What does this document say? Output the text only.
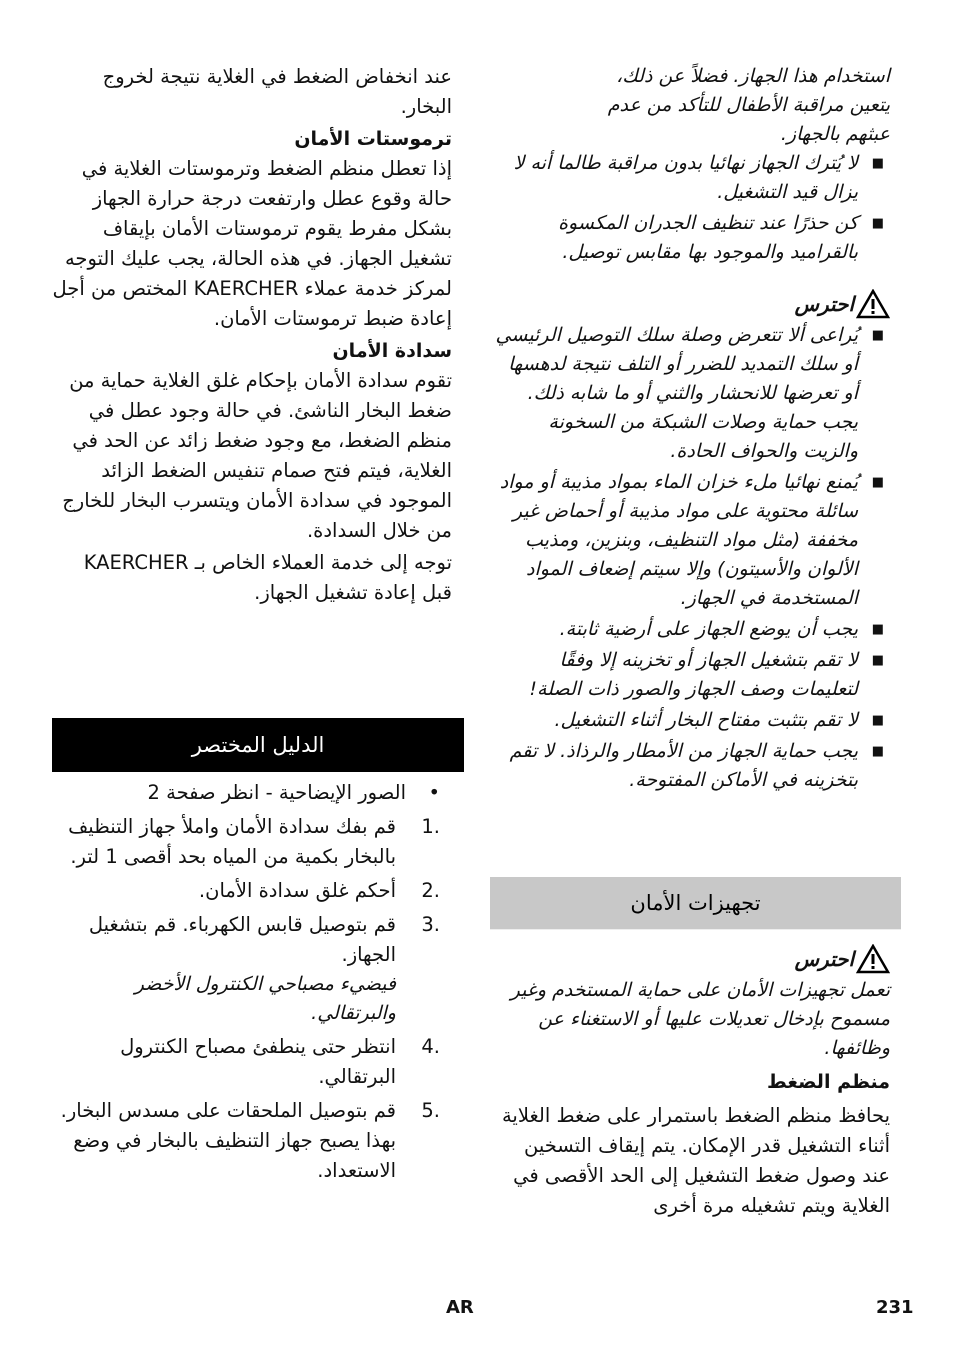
استخدام هذا الجهاز. فضلاً عن ذلك،

يتعين مراقبة الأطفال للتأكد من عدم

عبثهم بالجهاز.

■
لا يُترك الجهاز نهائيا بدون مراقبة طالما أنه لا يزال قيد التشغيل.
■
كن حذرًا عند تنظيف الجدران المكسوة بالقراميد والموجود بها مقابس توصيل.
احترس
■
يُراعى ألا تتعرض وصلة سلك التوصيل الرئيسي أو سلك التمديد للضرر أو التلف نتيجة لدهسها أو تعرضها للانحشار والثني أو ما شابه ذلك. يجب حماية وصلات الشبكة من السخونة والزيت والحواف الحادة.
■
يُمنع نهائيا ملء خزان الماء بمواد مذيبة أو مواد سائلة محتوية على مواد مذيبة أو أحماض غير مخففة (مثل مواد التنظيف، وبنزين، ومذيب الألوان والأسيتون) وإلا سيتم إضعاف المواد المستخدمة في الجهاز.
■
يجب أن يوضع الجهاز على أرضية ثابتة.
■
لا تقم بتشغيل الجهاز أو تخزينه إلا وفقًا لتعليمات وصف الجهاز والصور ذات الصلة!
■
لا تقم بتثبت مفتاح البخار أثناء التشغيل.
■
يجب حماية الجهاز من الأمطار والرذاذ. لا تقم بتخزينه في الأماكن المفتوحة.
تجهيزات الأمان
احترس

تعمل تجهيزات الأمان على حماية المستخدم وغير مسموح بإدخال تعديلات عليها أو الاستغناء عن وظائفها.

منظم الضغط

يحافظ منظم الضغط باستمرار على ضغط الغلاية أثناء التشغيل قدر الإمكان. يتم إيقاف التسخين عند وصول ضغط التشغيل إلى الحد الأقصى في الغلاية ويتم تشغيله مرة أخرى

عند انخفاض الضغط في الغلاية نتيجة لخروج البخار.

ترموستات الأمان

إذا تعطل منظم الضغط وترموستات الغلاية في حالة وقوع عطل وارتفعت درجة حرارة الجهاز بشكل مفرط يقوم ترموستات الأمان بإيقاف تشغيل الجهاز. في هذه الحالة، يجب عليك التوجه لمركز خدمة عملاء KAERCHER المختص من أجل إعادة ضبط ترموستات الأمان.

سدادة الأمان

تقوم سدادة الأمان بإحكام غلق الغلاية حماية من ضغط البخار الناشئ. في حالة وجود عطل في منظم الضغط، مع وجود ضغط زائد عن الحد في الغلاية، فيتم فتح صمام تنفيس الضغط الزائد الموجود في سدادة الأمان ويتسرب البخار للخارج من خلال السدادة.

توجه إلى خدمة العملاء الخاص بـ KAERCHER قبل إعادة تشغيل الجهاز.

الدليل المختصر
•
الصور الإيضاحية - انظر صفحة 2
1.
قم بفك سدادة الأمان واملأ جهاز التنظيف بالبخار بكمية من المياه بحد أقصى 1 لتر.
2.
أحكم غلق سدادة الأمان.
3.
قم بتوصيل قابس الكهرباء. قم بتشغيل الجهاز.
فيضيء مصباحي الكنترول الأخضر والبرتقالي.
4.
انتظر حتى ينطفئ مصباح الكنترول البرتقالي.
5.
قم بتوصيل الملحقات على مسدس البخار. بهذا يصبح جهاز التنظيف بالبخار في وضع الاستعداد.
AR	231
